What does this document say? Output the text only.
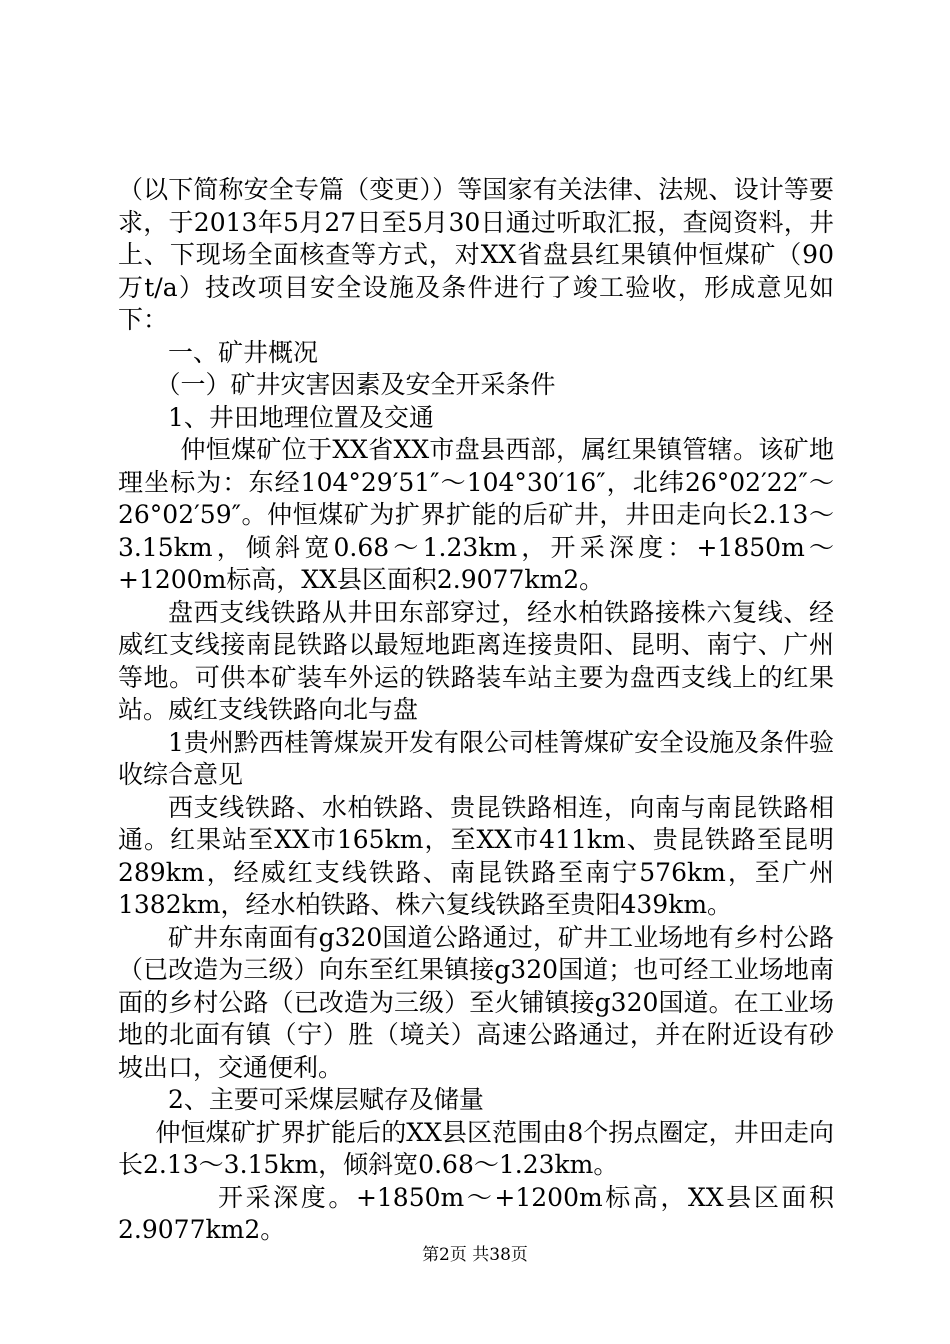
（以下简称安全专篇（变更））等国家有关法律、法规、设计等要求，于2013年5月27日至5月30日通过听取汇报，查阅资料，井上、下现场全面核查等方式，对XX省盘县红果镇仲恒煤矿（90万t/a）技改项目安全设施及条件进行了竣工验收，形成意见如下：

一、矿井概况

（一）矿井灾害因素及安全开采条件

1、井田地理位置及交通

仲恒煤矿位于XX省XX市盘县西部，属红果镇管辖。该矿地理坐标为：东经104°29′51″～104°30′16″，北纬26°02′22″～26°02′59″。仲恒煤矿为扩界扩能的后矿井，井田走向长2.13～3.15km，倾斜宽0.68～1.23km，开采深度：+1850m～+1200m标高，XX县区面积2.9077km2。

盘西支线铁路从井田东部穿过，经水柏铁路接株六复线、经威红支线接南昆铁路以最短地距离连接贵阳、昆明、南宁、广州等地。可供本矿装车外运的铁路装车站主要为盘西支线上的红果站。威红支线铁路向北与盘

1贵州黔西桂箐煤炭开发有限公司桂箐煤矿安全设施及条件验收综合意见

西支线铁路、水柏铁路、贵昆铁路相连，向南与南昆铁路相通。红果站至XX市165km，至XX市411km、贵昆铁路至昆明289km，经威红支线铁路、南昆铁路至南宁576km，至广州1382km，经水柏铁路、株六复线铁路至贵阳439km。

矿井东南面有g320国道公路通过，矿井工业场地有乡村公路（已改造为三级）向东至红果镇接g320国道；也可经工业场地南面的乡村公路（已改造为三级）至火铺镇接g320国道。在工业场地的北面有镇（宁）胜（境关）高速公路通过，并在附近设有砂坡出口，交通便利。

2、主要可采煤层赋存及储量

仲恒煤矿扩界扩能后的XX县区范围由8个拐点圈定，井田走向长2.13～3.15km，倾斜宽0.68～1.23km。

开采深度。+1850m～+1200m标高，XX县区面积2.9077km2。

第2页 共38页
